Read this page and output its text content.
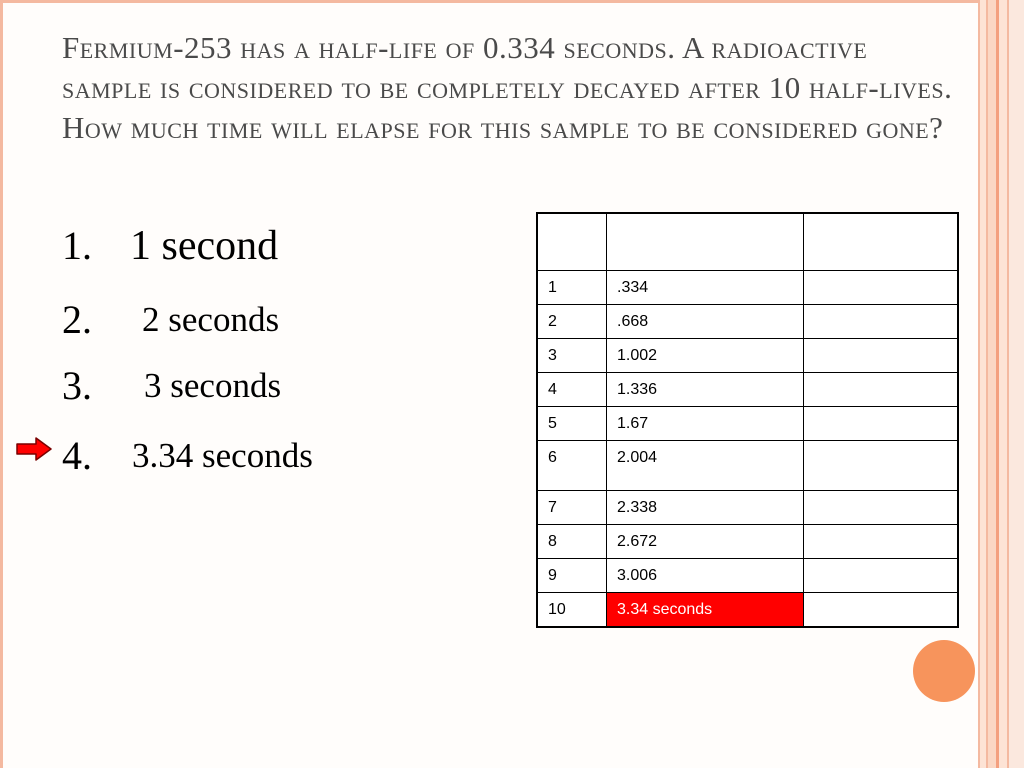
Fermium-253 has a half-life of 0.334 seconds. A radioactive sample is considered to be completely decayed after 10 half-lives. How much time will elapse for this sample to be considered gone?
1. 1 second
2. 2 seconds
3. 3 seconds
4. 3.34 seconds

1	.334	
2	.668	
3	1.002	
4	1.336	
5	1.67	
6	2.004	
7	2.338	
8	2.672	
9	3.006	
10	3.34 seconds	
